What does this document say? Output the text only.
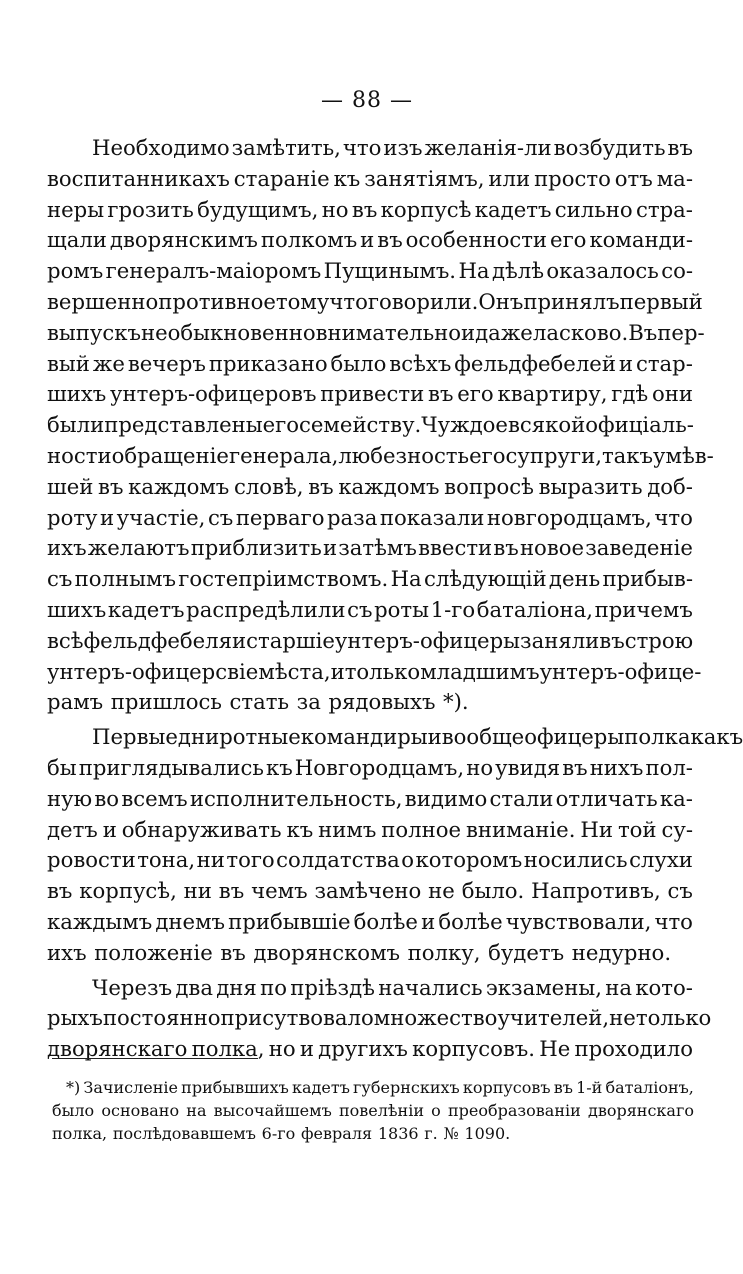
— 88 —
Необходимо замѣтить, что изъ желанія-ли возбудить въ
воспитанникахъ стараніе къ занятіямъ, или просто отъ ма-
неры грозить будущимъ, но въ корпусѣ кадетъ сильно стра-
щали дворянскимъ полкомъ и въ особенности его команди-
ромъ генералъ-маіоромъ Пущинымъ. На дѣлѣ оказалось со-
вершенно противное тому что говорили. Онъ принялъ первый
выпускъ необыкновенно внимательно и даже ласково. Въ пер-
вый же вечеръ приказано было всѣхъ фельдфебелей и стар-
шихъ унтеръ-офицеровъ привести въ его квартиру, гдѣ они
были представлены его семейству. Чуждое всякой офиціаль-
ности обращеніе генерала, любезность его супруги, такъ умѣв-
шей въ каждомъ словѣ, въ каждомъ вопросѣ выразить доб-
роту и участіе, съ перваго раза показали новгородцамъ, что
ихъ желаютъ приблизить и затѣмъ ввести въ новое заведеніе
съ полнымъ гостепріимствомъ. На слѣдующій день прибыв-
шихъ кадетъ распредѣлили съ роты 1-го баталіона, причемъ
всѣ фельдфебеля и старшіе унтеръ-офицеры заняли въ строю
унтеръ-офицерсвіе мѣста, и только младшимъ унтеръ-офице-
рамъ пришлось стать за рядовыхъ *).
Первые дни ротные командиры и вообще офицеры полка какъ
бы приглядывались къ Новгородцамъ, но увидя въ нихъ пол-
ную во всемъ исполнительность, видимо стали отличать ка-
детъ и обнаруживать къ нимъ полное вниманіе. Ни той су-
ровости тона, ни того солдатства о которомъ носились слухи
въ корпусѣ, ни въ чемъ замѣчено не было. Напротивъ, съ
каждымъ днемъ прибывшіе болѣе и болѣе чувствовали, что
ихъ положеніе въ дворянскомъ полку, будетъ недурно.
Черезъ два дня по пріѣздѣ начались экзамены, на кото-
рыхъ постоянно присутвовало множество учителей, не только
дворянскаго полка, но и другихъ корпусовъ. Не проходило
*) Зачисленіе прибывшихъ кадетъ губернскихъ корпусовъ въ 1-й баталіонъ,
было основано на высочайшемъ повелѣніи о преобразованіи дворянскаго
полка, послѣдовавшемъ 6-го февраля 1836 г. № 1090.
